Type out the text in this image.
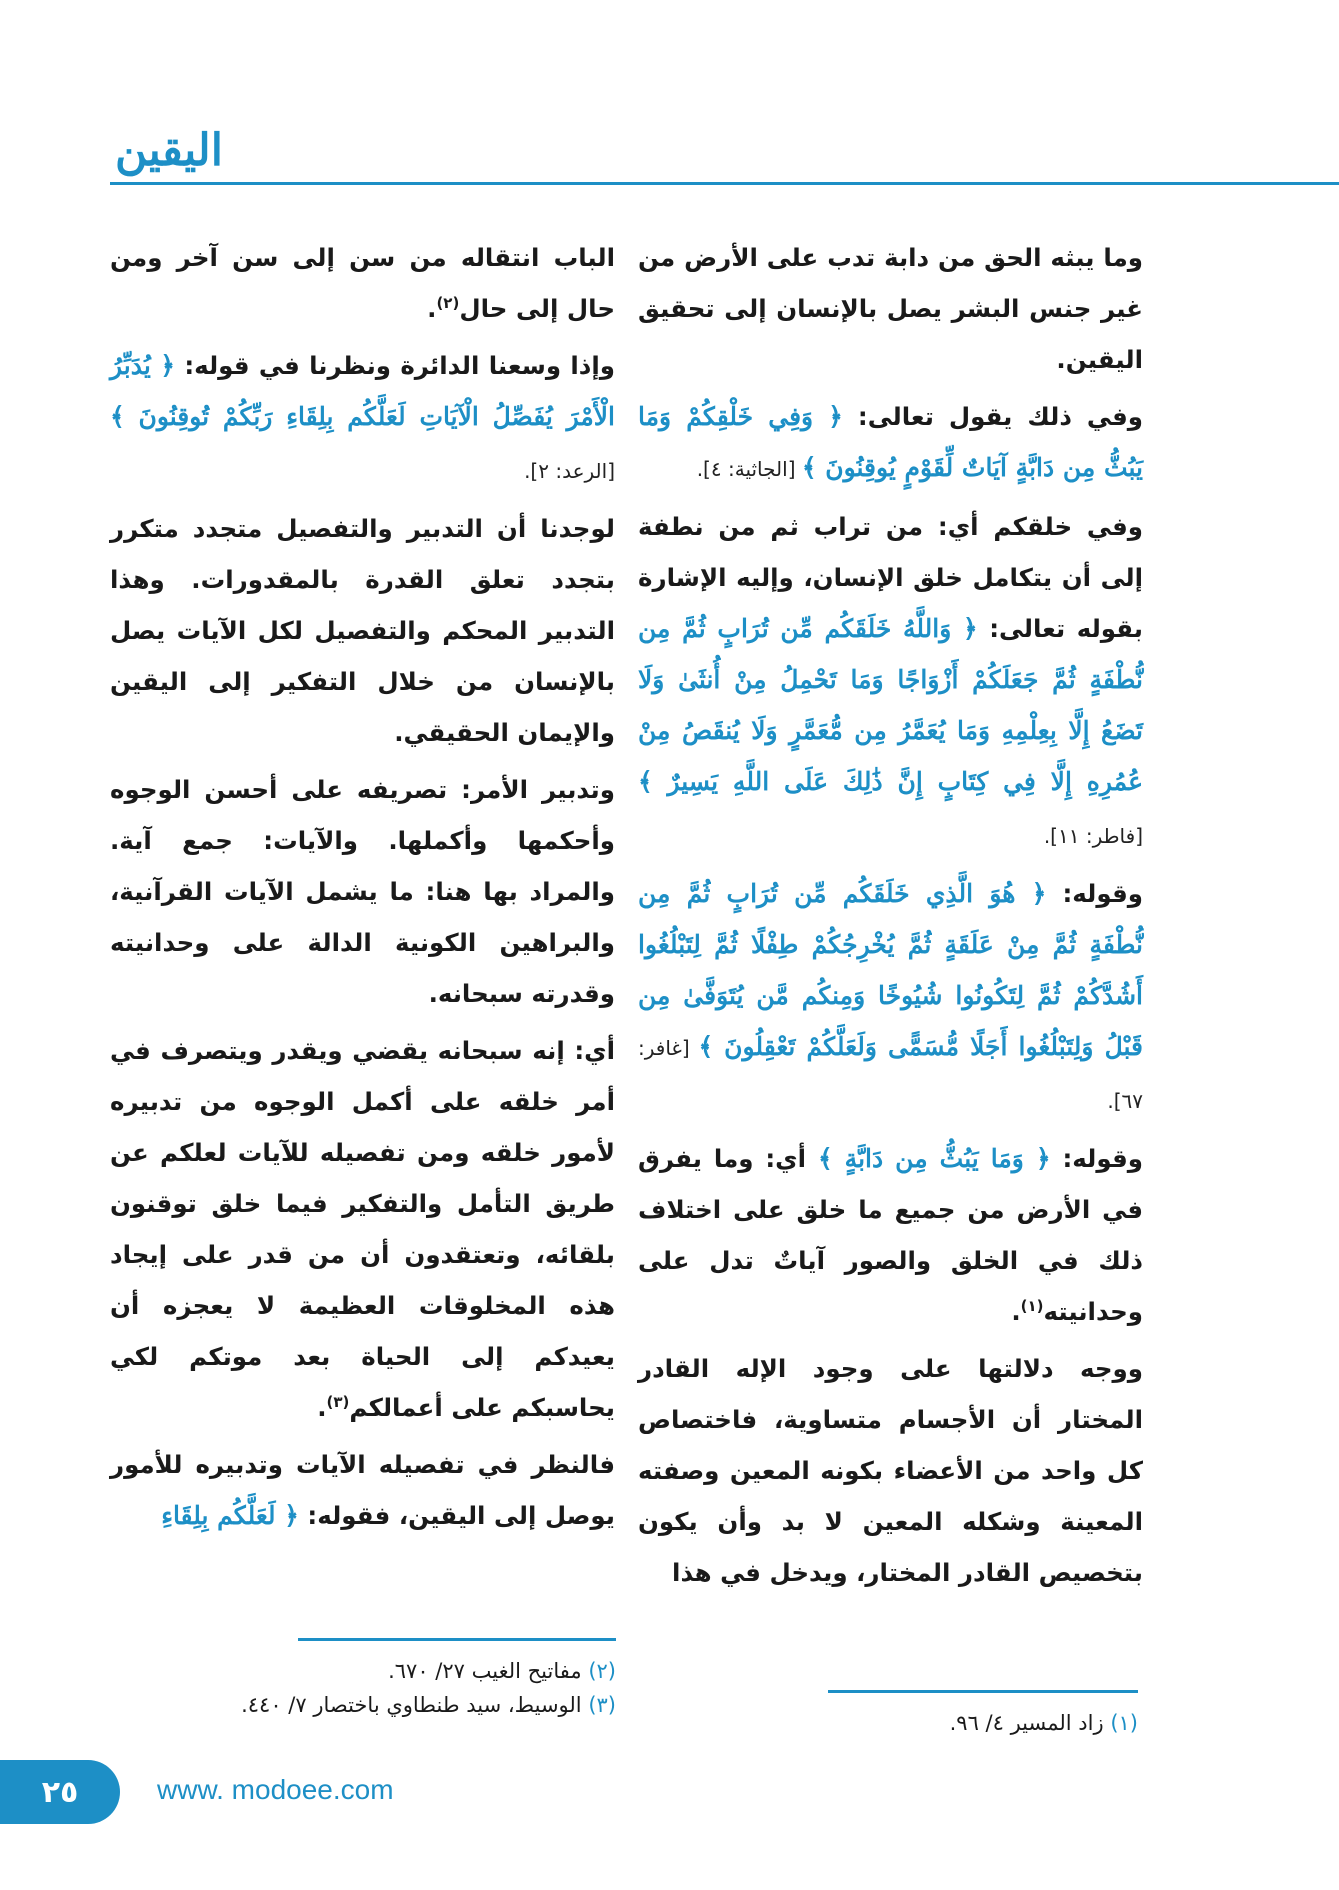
اليقين

وما يبثه الحق من دابة تدب على الأرض من غير جنس البشر يصل بالإنسان إلى تحقيق اليقين.

وفي ذلك يقول تعالى: ﴿ وَفِي خَلْقِكُمْ وَمَا يَبُثُّ مِن دَابَّةٍ آيَاتٌ لِّقَوْمٍ يُوقِنُونَ ﴾ [الجاثية: ٤].

وفي خلقكم أي: من تراب ثم من نطفة إلى أن يتكامل خلق الإنسان، وإليه الإشارة بقوله تعالى: ﴿ وَاللَّهُ خَلَقَكُم مِّن تُرَابٍ ثُمَّ مِن نُّطْفَةٍ ثُمَّ جَعَلَكُمْ أَزْوَاجًا وَمَا تَحْمِلُ مِنْ أُنثَىٰ وَلَا تَضَعُ إِلَّا بِعِلْمِهِ وَمَا يُعَمَّرُ مِن مُّعَمَّرٍ وَلَا يُنقَصُ مِنْ عُمُرِهِ إِلَّا فِي كِتَابٍ إِنَّ ذَٰلِكَ عَلَى اللَّهِ يَسِيرٌ ﴾ [فاطر: ١١].

وقوله: ﴿ هُوَ الَّذِي خَلَقَكُم مِّن تُرَابٍ ثُمَّ مِن نُّطْفَةٍ ثُمَّ مِنْ عَلَقَةٍ ثُمَّ يُخْرِجُكُمْ طِفْلًا ثُمَّ لِتَبْلُغُوا أَشُدَّكُمْ ثُمَّ لِتَكُونُوا شُيُوخًا وَمِنكُم مَّن يُتَوَفَّىٰ مِن قَبْلُ وَلِتَبْلُغُوا أَجَلًا مُّسَمًّى وَلَعَلَّكُمْ تَعْقِلُونَ ﴾ [غافر: ٦٧].

وقوله: ﴿ وَمَا يَبُثُّ مِن دَابَّةٍ ﴾ أي: وما يفرق في الأرض من جميع ما خلق على اختلاف ذلك في الخلق والصور آياتٌ تدل على وحدانيته$^{(١)}$.

ووجه دلالتها على وجود الإله القادر المختار أن الأجسام متساوية، فاختصاص كل واحد من الأعضاء بكونه المعين وصفته المعينة وشكله المعين لا بد وأن يكون بتخصيص القادر المختار، ويدخل في هذا

الباب انتقاله من سن إلى سن آخر ومن حال إلى حال$^{(٢)}$.

وإذا وسعنا الدائرة ونظرنا في قوله: ﴿ يُدَبِّرُ الْأَمْرَ يُفَصِّلُ الْآيَاتِ لَعَلَّكُم بِلِقَاءِ رَبِّكُمْ تُوقِنُونَ ﴾ [الرعد: ٢].

لوجدنا أن التدبير والتفصيل متجدد متكرر بتجدد تعلق القدرة بالمقدورات. وهذا التدبير المحكم والتفصيل لكل الآيات يصل بالإنسان من خلال التفكير إلى اليقين والإيمان الحقيقي.

وتدبير الأمر: تصريفه على أحسن الوجوه وأحكمها وأكملها. والآيات: جمع آية. والمراد بها هنا: ما يشمل الآيات القرآنية، والبراهين الكونية الدالة على وحدانيته وقدرته سبحانه.

أي: إنه سبحانه يقضي ويقدر ويتصرف في أمر خلقه على أكمل الوجوه من تدبيره لأمور خلقه ومن تفصيله للآيات لعلكم عن طريق التأمل والتفكير فيما خلق توقنون بلقائه، وتعتقدون أن من قدر على إيجاد هذه المخلوقات العظيمة لا يعجزه أن يعيدكم إلى الحياة بعد موتكم لكي يحاسبكم على أعمالكم$^{(٣)}$.

فالنظر في تفصيله الآيات وتدبيره للأمور يوصل إلى اليقين، فقوله: ﴿ لَعَلَّكُم بِلِقَاءِ

(١) زاد المسير ٤/ ٩٦.
(٢) مفاتيح الغيب ٢٧/ ٦٧٠.
(٣) الوسيط، سيد طنطاوي باختصار ٧/ ٤٤٠.
٢٥	www. modoee.com
